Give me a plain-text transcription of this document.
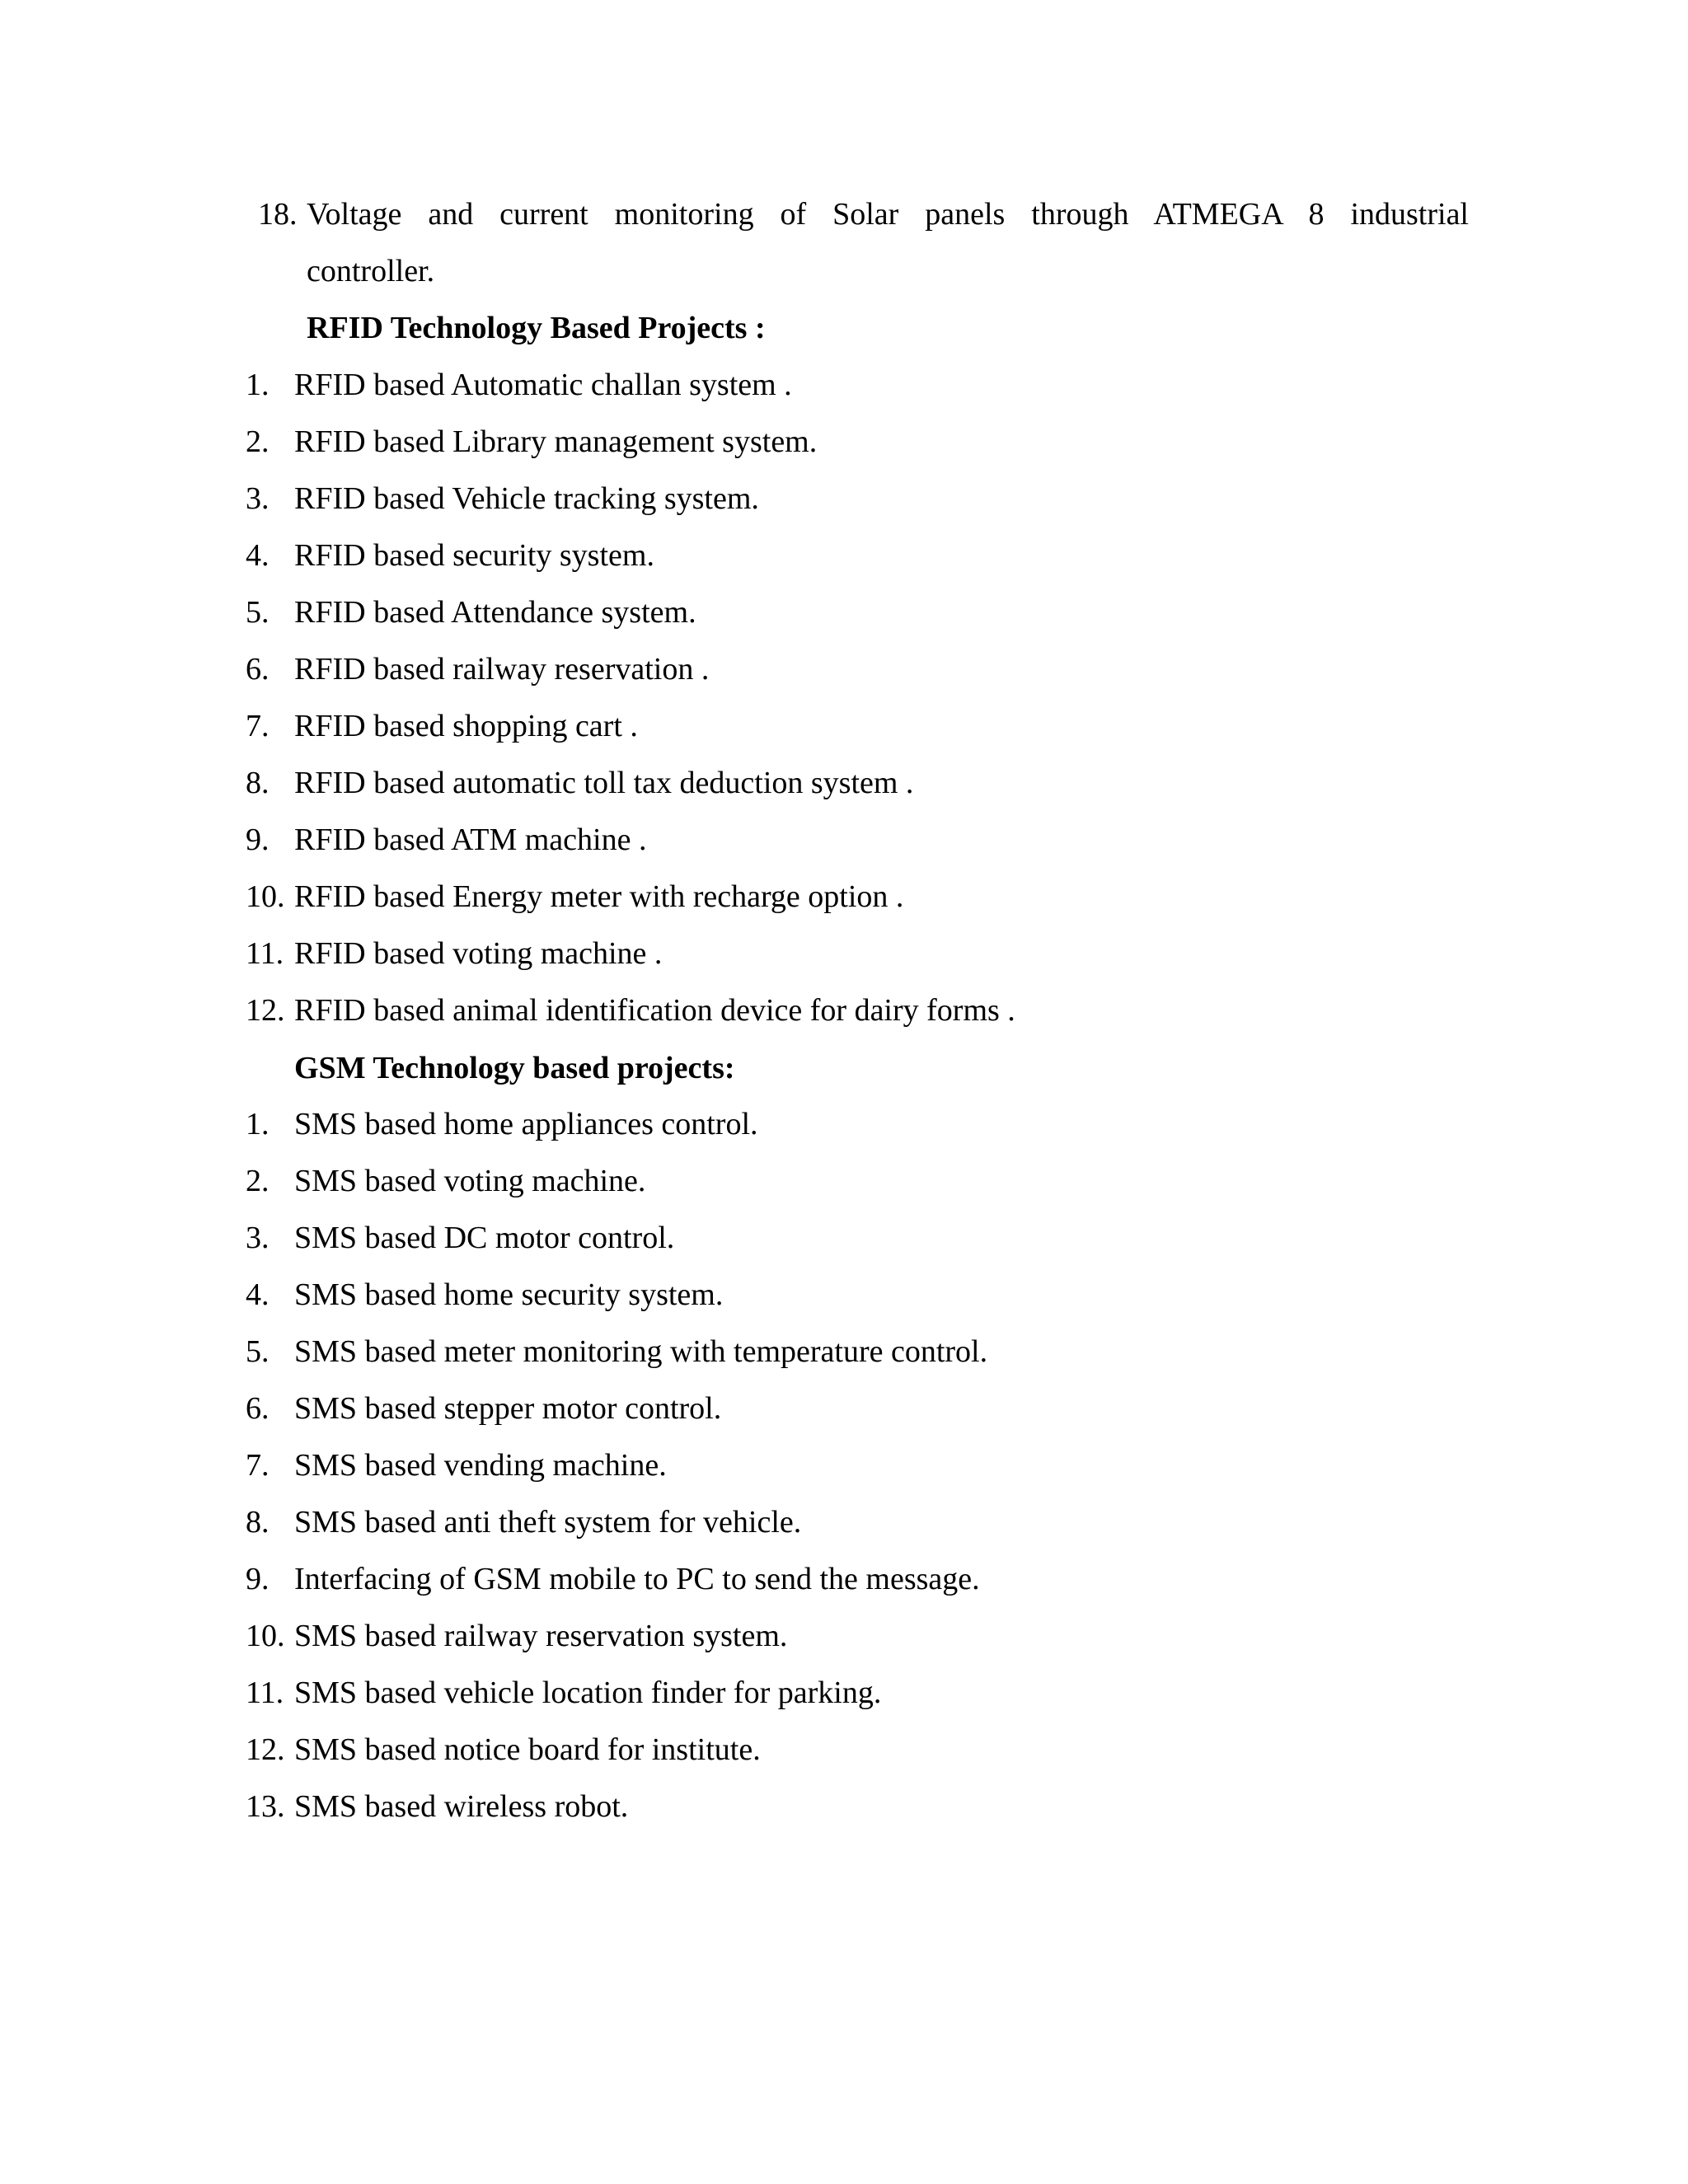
18. Voltage and current monitoring of Solar panels through ATMEGA 8 industrial
controller.
RFID Technology Based Projects :
1. RFID based Automatic challan system .
2. RFID based Library management system.
3. RFID based Vehicle tracking system.
4. RFID based security system.
5. RFID based Attendance system.
6. RFID based railway reservation .
7. RFID based shopping cart .
8. RFID based automatic toll tax deduction system .
9. RFID based ATM machine .
10. RFID based Energy meter with recharge option .
11. RFID based voting machine .
12. RFID based animal identification device for dairy forms .
GSM Technology based projects:
1. SMS based home appliances control.
2. SMS based voting machine.
3. SMS based DC motor control.
4. SMS based home security system.
5. SMS based meter monitoring with temperature control.
6. SMS based stepper motor control.
7. SMS based vending machine.
8. SMS based anti theft system for vehicle.
9. Interfacing of GSM mobile to PC to send the message.
10. SMS based railway reservation system.
11. SMS based vehicle location finder for parking.
12. SMS based notice board for institute.
13. SMS based wireless robot.
